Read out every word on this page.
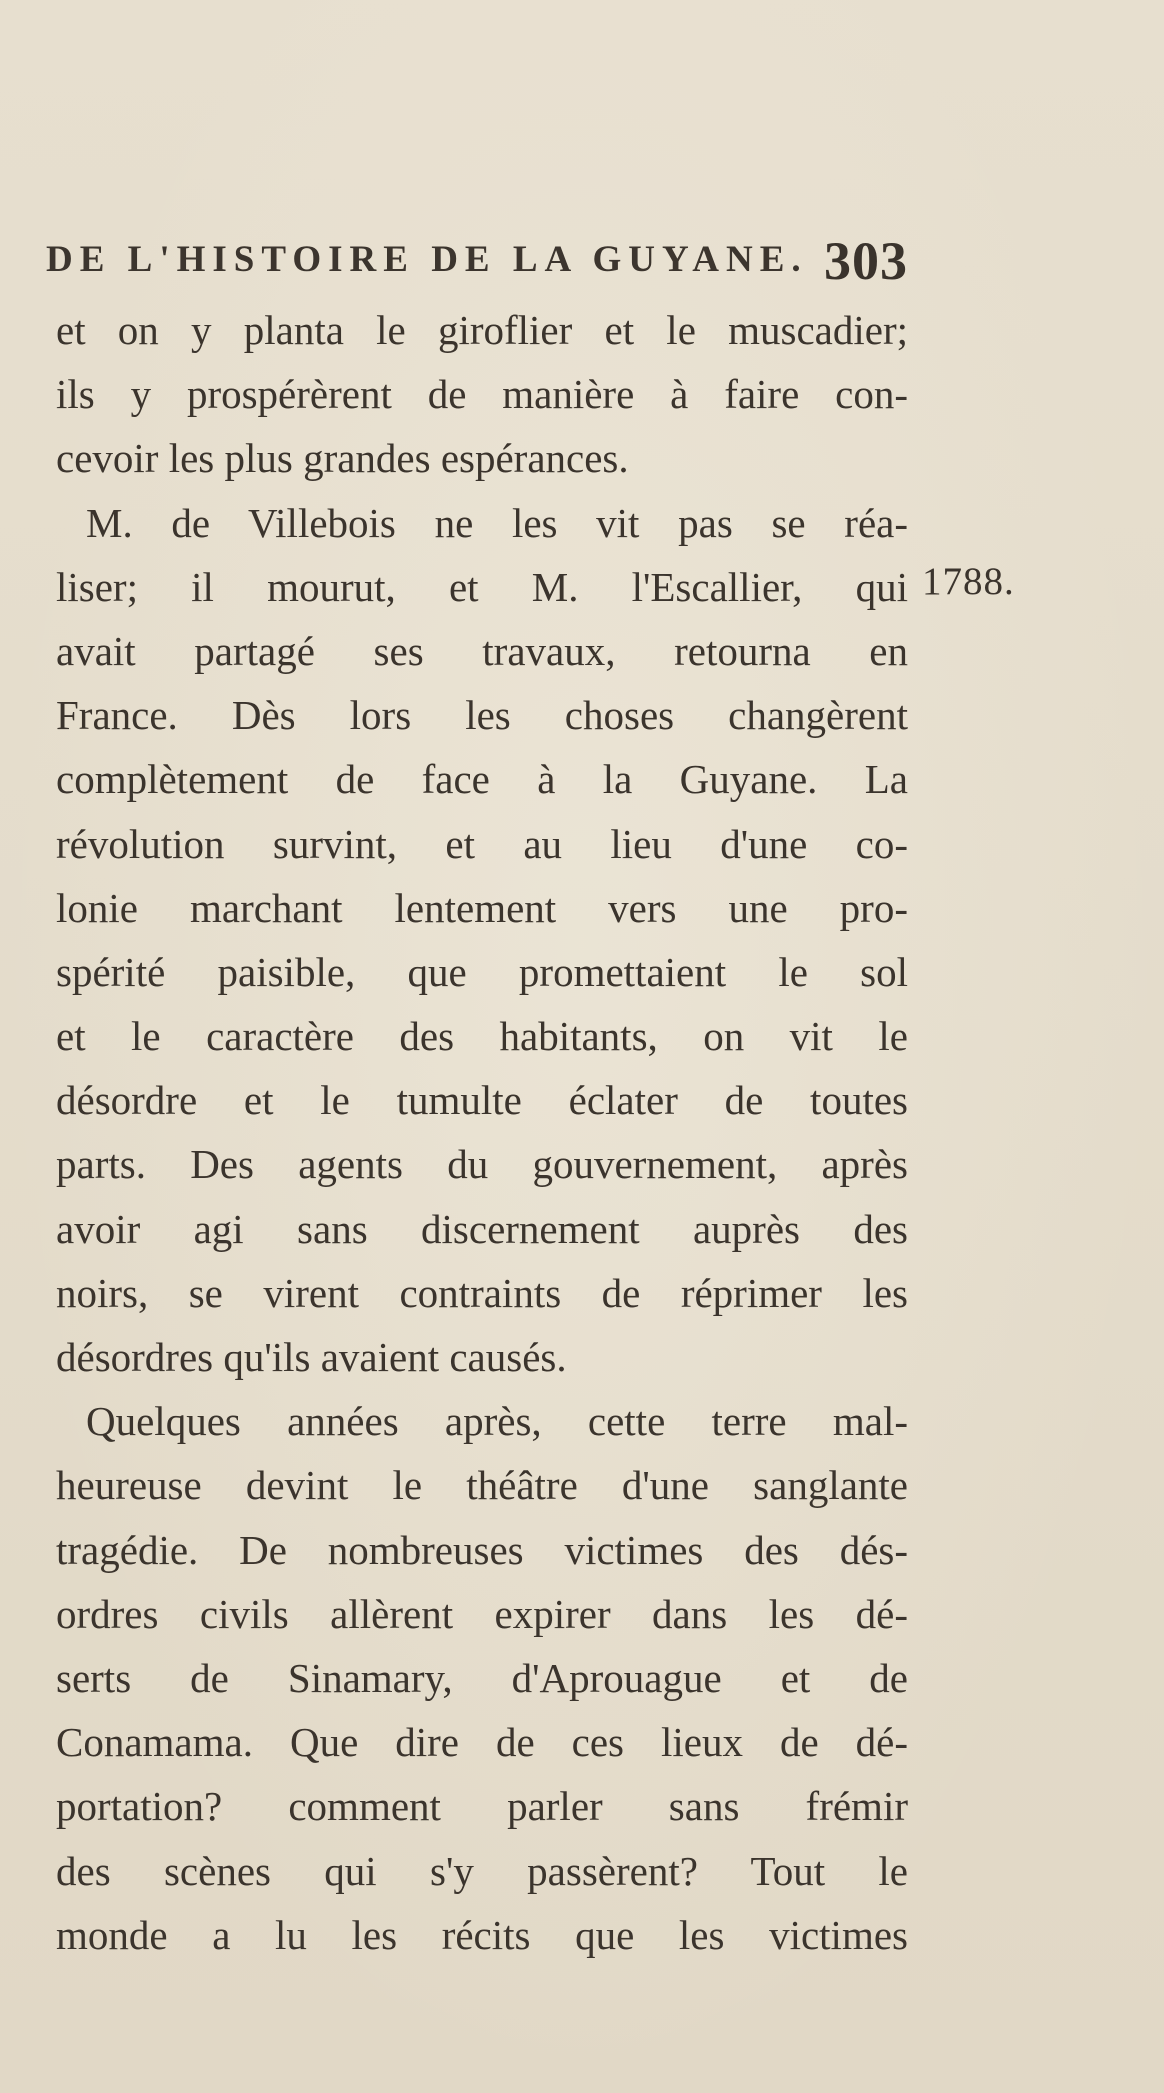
DE L'HISTOIRE DE LA GUYANE. 303
1788.
et on y planta le giroflier et le muscadier;
ils y prospérèrent de manière à faire con-
cevoir les plus grandes espérances.
M. de Villebois ne les vit pas se réa-
liser; il mourut, et M. l'Escallier, qui
avait partagé ses travaux, retourna en
France. Dès lors les choses changèrent
complètement de face à la Guyane. La
révolution survint, et au lieu d'une co-
lonie marchant lentement vers une pro-
spérité paisible, que promettaient le sol
et le caractère des habitants, on vit le
désordre et le tumulte éclater de toutes
parts. Des agents du gouvernement, après
avoir agi sans discernement auprès des
noirs, se virent contraints de réprimer les
désordres qu'ils avaient causés.
Quelques années après, cette terre mal-
heureuse devint le théâtre d'une sanglante
tragédie. De nombreuses victimes des dés-
ordres civils allèrent expirer dans les dé-
serts de Sinamary, d'Aprouague et de
Conamama. Que dire de ces lieux de dé-
portation? comment parler sans frémir
des scènes qui s'y passèrent? Tout le
monde a lu les récits que les victimes
